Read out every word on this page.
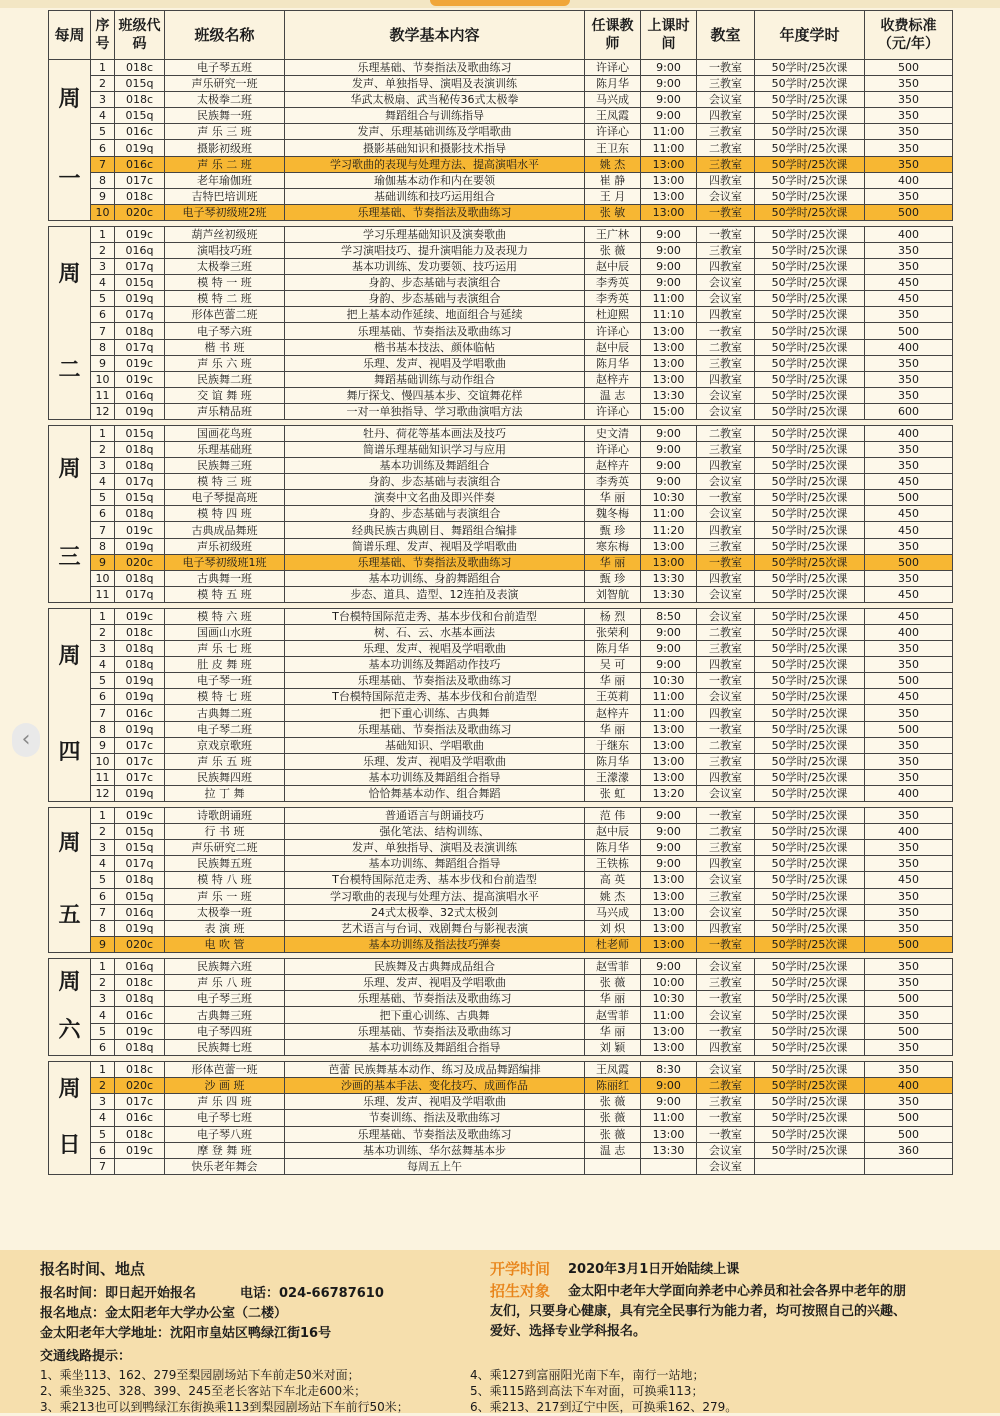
每周	序号	班级代码	班级名称	教学基本内容	任课教师	上课时间	教室	年度学时	收费标准（元/年）
周一	1	018c	电子琴五班	乐理基础、节奏指法及歌曲练习	许译心	9:00	一教室	50学时/25次课	500
	2	015q	声乐研究一班	发声、单独指导、演唱及表演训练	陈月华	9:00	三教室	50学时/25次课	350
	3	018c	太极拳二班	华武太极扇、武当秘传36式太极拳	马兴成	9:00	会议室	50学时/25次课	350
	4	015q	民族舞一班	舞蹈组合与训练指导	王凤霞	9:00	四教室	50学时/25次课	350
	5	016c	声 乐 三 班	发声、乐理基础训练及学唱歌曲	许译心	11:00	三教室	50学时/25次课	350
	6	019q	摄影初级班	摄影基础知识和摄影技术指导	王卫东	11:00	二教室	50学时/25次课	350
	7	016c	声 乐 二 班	学习歌曲的表现与处理方法、提高演唱水平	姚 杰	13:00	三教室	50学时/25次课	350
	8	017c	老年瑜伽班	瑜伽基本动作和内在要领	崔 静	13:00	四教室	50学时/25次课	400
	9	018c	吉特巴培训班	基础训练和技巧运用组合	王 月	13:00	会议室	50学时/25次课	350
	10	020c	电子琴初级班2班	乐理基础、节奏指法及歌曲练习	张 敏	13:00	一教室	50学时/25次课	500

周二	1	019c	葫芦丝初级班	学习乐理基础知识及演奏歌曲	王广林	9:00	一教室	50学时/25次课	400
	2	016q	演唱技巧班	学习演唱技巧、提升演唱能力及表现力	张 薇	9:00	三教室	50学时/25次课	350
	3	017q	太极拳三班	基本功训练、发功要领、技巧运用	赵中辰	9:00	四教室	50学时/25次课	350
	4	015q	模 特 一 班	身韵、步态基础与表演组合	李秀英	9:00	会议室	50学时/25次课	450
	5	019q	模 特 二 班	身韵、步态基础与表演组合	李秀英	11:00	会议室	50学时/25次课	450
	6	017q	形体芭蕾二班	把上基本动作延续、地面组合与延续	杜迎熙	11:10	四教室	50学时/25次课	350
	7	018q	电子琴六班	乐理基础、节奏指法及歌曲练习	许译心	13:00	一教室	50学时/25次课	500
	8	017q	楷 书 班	楷书基本技法、颜体临帖	赵中辰	13:00	二教室	50学时/25次课	400
	9	019c	声 乐 六 班	乐理、发声、视唱及学唱歌曲	陈月华	13:00	三教室	50学时/25次课	350
	10	019c	民族舞二班	舞蹈基础训练与动作组合	赵梓卉	13:00	四教室	50学时/25次课	350
	11	016q	交 谊 舞 班	舞厅探戈、慢四基本步、交谊舞花样	温 志	13:30	会议室	50学时/25次课	350
	12	019q	声乐精品班	一对一单独指导、学习歌曲演唱方法	许译心	15:00	会议室	50学时/25次课	600

周三	1	015q	国画花鸟班	牡丹、荷花等基本画法及技巧	史文清	9:00	二教室	50学时/25次课	400
	2	018q	乐理基础班	简谱乐理基础知识学习与应用	许译心	9:00	三教室	50学时/25次课	350
	3	018q	民族舞三班	基本功训练及舞蹈组合	赵梓卉	9:00	四教室	50学时/25次课	350
	4	017q	模 特 三 班	身韵、步态基础与表演组合	李秀英	9:00	会议室	50学时/25次课	450
	5	015q	电子琴提高班	演奏中文名曲及即兴伴奏	华 丽	10:30	一教室	50学时/25次课	500
	6	018q	模 特 四 班	身韵、步态基础与表演组合	魏冬梅	11:00	会议室	50学时/25次课	450
	7	019c	古典成品舞班	经典民族古典剧目、舞蹈组合编排	甄 珍	11:20	四教室	50学时/25次课	450
	8	019q	声乐初级班	简谱乐理、发声、视唱及学唱歌曲	寒东梅	13:00	三教室	50学时/25次课	350
	9	020c	电子琴初级班1班	乐理基础、节奏指法及歌曲练习	华 丽	13:00	一教室	50学时/25次课	500
	10	018q	古典舞一班	基本功训练、身韵舞蹈组合	甄 珍	13:30	四教室	50学时/25次课	350
	11	017q	模 特 五 班	步态、道具、造型、12连拍及表演	刘智航	13:30	会议室	50学时/25次课	450

周四	1	019c	模 特 六 班	T台模特国际范走秀、基本步伐和台前造型	杨 烈	8:50	会议室	50学时/25次课	450
	2	018c	国画山水班	树、石、云、水基本画法	张荣利	9:00	二教室	50学时/25次课	400
	3	018q	声 乐 七 班	乐理、发声、视唱及学唱歌曲	陈月华	9:00	三教室	50学时/25次课	350
	4	018q	肚 皮 舞 班	基本功训练及舞蹈动作技巧	吴 可	9:00	四教室	50学时/25次课	350
	5	019q	电子琴一班	乐理基础、节奏指法及歌曲练习	华 丽	10:30	一教室	50学时/25次课	500
	6	019q	模 特 七 班	T台模特国际范走秀、基本步伐和台前造型	王英莉	11:00	会议室	50学时/25次课	450
	7	016c	古典舞二班	把下重心训练、古典舞	赵梓卉	11:00	四教室	50学时/25次课	350
	8	019q	电子琴二班	乐理基础、节奏指法及歌曲练习	华 丽	13:00	一教室	50学时/25次课	500
	9	017c	京戏京歌班	基础知识、学唱歌曲	于继东	13:00	二教室	50学时/25次课	350
	10	017c	声 乐 五 班	乐理、发声、视唱及学唱歌曲	陈月华	13:00	三教室	50学时/25次课	350
	11	017c	民族舞四班	基本功训练及舞蹈组合指导	王濛濛	13:00	四教室	50学时/25次课	350
	12	019q	拉 丁 舞	恰恰舞基本动作、组合舞蹈	张 虹	13:20	会议室	50学时/25次课	400

周五	1	019c	诗歌朗诵班	普通语言与朗诵技巧	范 伟	9:00	一教室	50学时/25次课	350
	2	015q	行 书 班	强化笔法、结构训练、	赵中辰	9:00	二教室	50学时/25次课	400
	3	015q	声乐研究二班	发声、单独指导、演唱及表演训练	陈月华	9:00	三教室	50学时/25次课	350
	4	017q	民族舞五班	基本功训练、舞蹈组合指导	王铁栋	9:00	四教室	50学时/25次课	350
	5	018q	模 特 八 班	T台模特国际范走秀、基本步伐和台前造型	高 英	13:00	会议室	50学时/25次课	450
	6	015q	声 乐 一 班	学习歌曲的表现与处理方法、提高演唱水平	姚 杰	13:00	三教室	50学时/25次课	350
	7	016q	太极拳一班	24式太极拳、32式太极剑	马兴成	13:00	会议室	50学时/25次课	350
	8	019q	表 演 班	艺术语言与台词、戏剧舞台与影视表演	刘 炽	13:00	四教室	50学时/25次课	350
	9	020c	电 吹 管	基本功训练及指法技巧弹奏	杜老师	13:00	一教室	50学时/25次课	500

周六	1	016q	民族舞六班	民族舞及古典舞成品组合	赵雪菲	9:00	会议室	50学时/25次课	350
	2	018c	声 乐 八 班	乐理、发声、视唱及学唱歌曲	张 薇	10:00	三教室	50学时/25次课	350
	3	018q	电子琴三班	乐理基础、节奏指法及歌曲练习	华 丽	10:30	一教室	50学时/25次课	500
	4	016c	古典舞三班	把下重心训练、古典舞	赵雪菲	11:00	会议室	50学时/25次课	350
	5	019c	电子琴四班	乐理基础、节奏指法及歌曲练习	华 丽	13:00	一教室	50学时/25次课	500
	6	018q	民族舞七班	基本功训练及舞蹈组合指导	刘 颖	13:00	四教室	50学时/25次课	350

周日	1	018c	形体芭蕾一班	芭蕾 民族舞基本动作、练习及成品舞蹈编排	王凤霞	8:30	会议室	50学时/25次课	350
	2	020c	沙 画 班	沙画的基本手法、变化技巧、成画作品	陈丽红	9:00	二教室	50学时/25次课	400
	3	017c	声 乐 四 班	乐理、发声、视唱及学唱歌曲	张 薇	9:00	三教室	50学时/25次课	350
	4	016c	电子琴七班	节奏训练、指法及歌曲练习	张 薇	11:00	一教室	50学时/25次课	500
	5	018c	电子琴八班	乐理基础、节奏指法及歌曲练习	张 薇	13:00	一教室	50学时/25次课	500
	6	019c	摩 登 舞 班	基本功训练、华尔兹舞基本步	温 志	13:30	会议室	50学时/25次课	360
	7		快乐老年舞会	每周五上午			会议室		
‹
报名时间、地点
报名时间：即日起开始报名	电话：024-66787610
报名地点：金太阳老年大学办公室（二楼）
金太阳老年大学地址：沈阳市皇姑区鸭绿江街16号
开学时间 2020年3月1日开始陆续上课
招生对象 金太阳中老年大学面向养老中心养员和社会各界中老年的朋
友们，只要身心健康，具有完全民事行为能力者，均可按照自己的兴趣、
爱好、选择专业学科报名。
交通线路提示：
1、乘坐113、162、279至梨园剧场站下车前走50米对面；
2、乘坐325、328、399、245至老长客站下车北走600米；
3、乘213也可以到鸭绿江东街换乘113到梨园剧场站下车前行50米；
4、乘127到富丽阳光南下车，南行一站地；
5、乘115路到高法下车对面，可换乘113；
6、乘213、217到辽宁中医，可换乘162、279。
